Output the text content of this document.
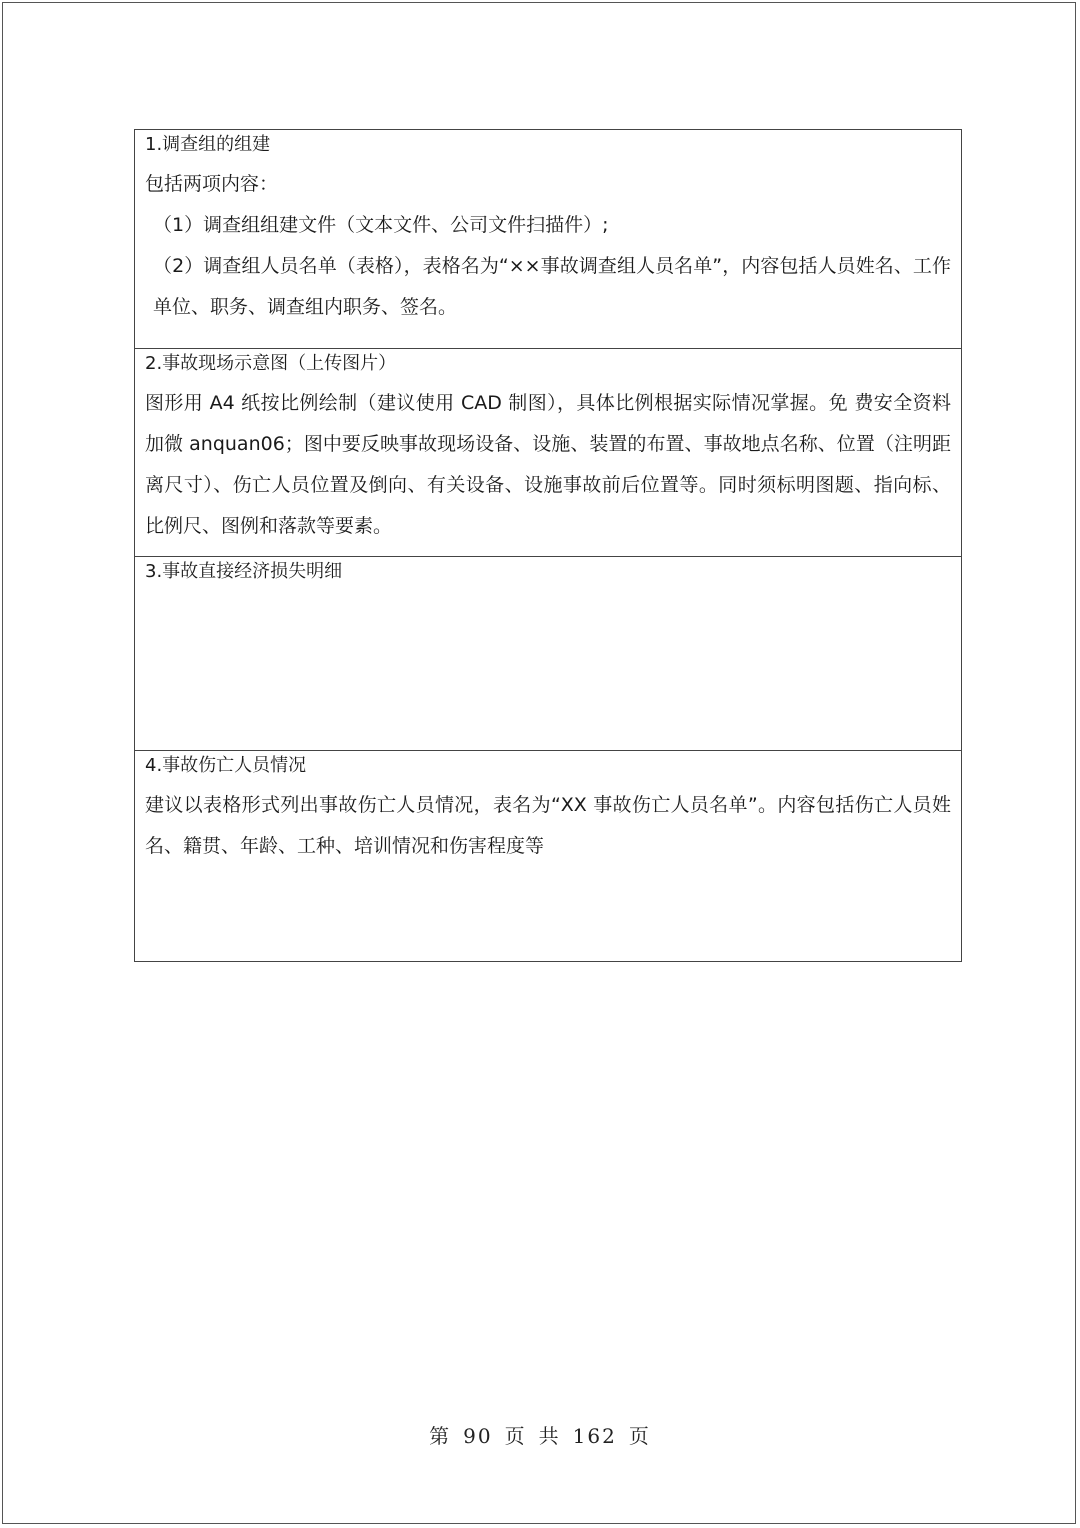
1.调查组的组建
包括两项内容：
（1）调查组组建文件（文本文件、公司文件扫描件）;
（2）调查组人员名单（表格），表格名为“××事故调查组人员名单”，内容包括人员姓名、工作单位、职务、调查组内职务、签名。

2.事故现场示意图（上传图片）
图形用 A4 纸按比例绘制（建议使用 CAD 制图），具体比例根据实际情况掌握。免 费安全资料加微 anquan06；图中要反映事故现场设备、设施、装置的布置、事故地点名称、位置（注明距离尺寸）、伤亡人员位置及倒向、有关设备、设施事故前后位置等。同时须标明图题、指向标、比例尺、图例和落款等要素。

3.事故直接经济损失明细

4.事故伤亡人员情况
建议以表格形式列出事故伤亡人员情况，表名为“XX 事故伤亡人员名单”。内容包括伤亡人员姓名、籍贯、年龄、工种、培训情况和伤害程度等
第 90 页 共 162 页
